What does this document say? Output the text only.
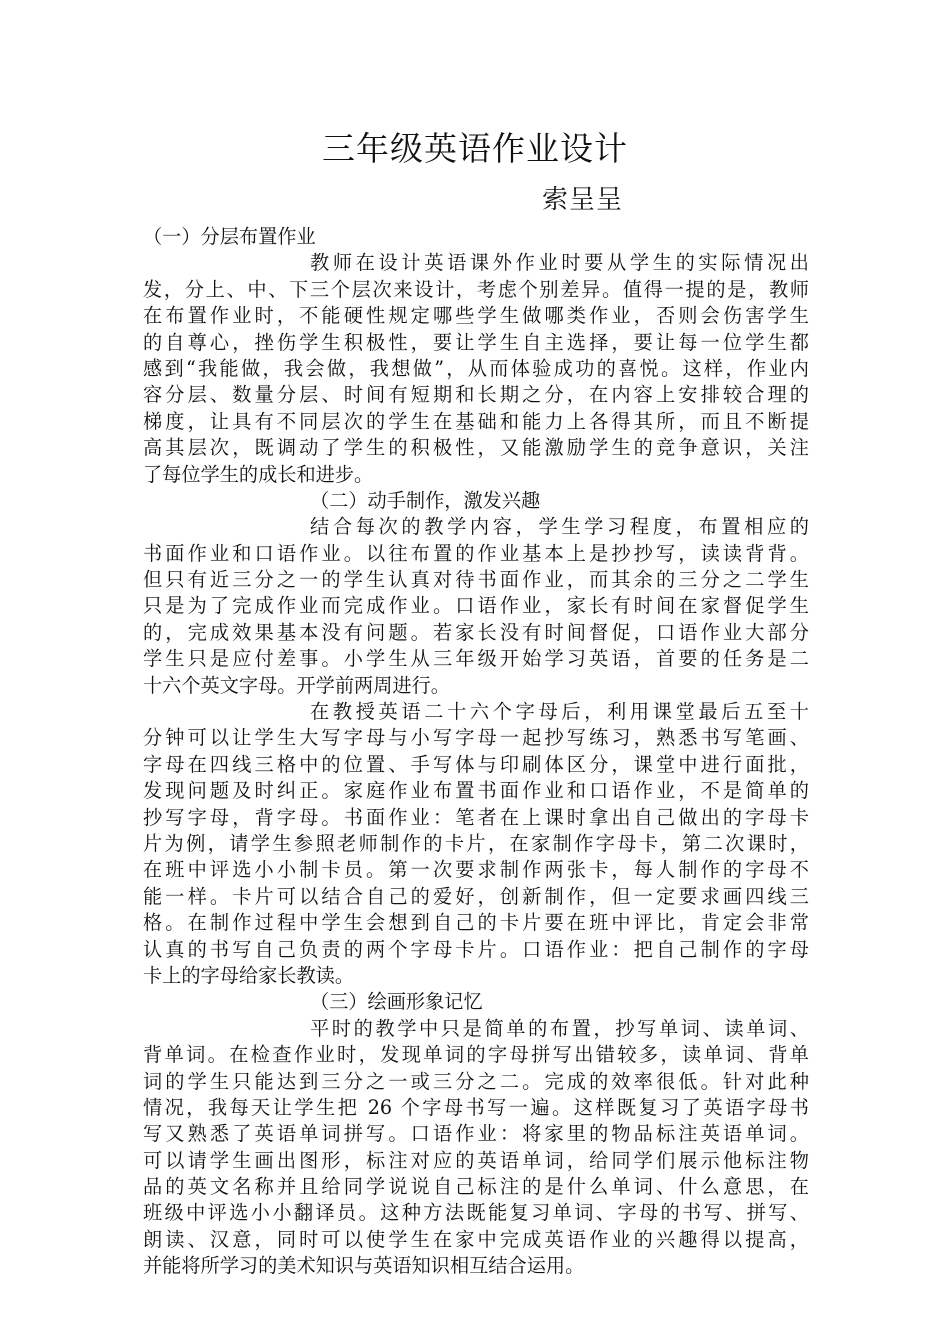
三年级英语作业设计
索呈呈
（一）分层布置作业
教师在设计英语课外作业时要从学生的实际情况出
发，分上、中、下三个层次来设计，考虑个别差异。值得一提的是，教师
在布置作业时，不能硬性规定哪些学生做哪类作业，否则会伤害学生
的自尊心，挫伤学生积极性，要让学生自主选择，要让每一位学生都
感到“我能做，我会做，我想做”，从而体验成功的喜悦。这样，作业内
容分层、数量分层、时间有短期和长期之分，在内容上安排较合理的
梯度，让具有不同层次的学生在基础和能力上各得其所，而且不断提
高其层次，既调动了学生的积极性，又能激励学生的竞争意识，关注
了每位学生的成长和进步。
（二）动手制作，激发兴趣
结合每次的教学内容，学生学习程度，布置相应的
书面作业和口语作业。以往布置的作业基本上是抄抄写，读读背背。
但只有近三分之一的学生认真对待书面作业，而其余的三分之二学生
只是为了完成作业而完成作业。口语作业，家长有时间在家督促学生
的，完成效果基本没有问题。若家长没有时间督促，口语作业大部分
学生只是应付差事。小学生从三年级开始学习英语，首要的任务是二
十六个英文字母。开学前两周进行。
在教授英语二十六个字母后，利用课堂最后五至十
分钟可以让学生大写字母与小写字母一起抄写练习，熟悉书写笔画、
字母在四线三格中的位置、手写体与印刷体区分，课堂中进行面批，
发现问题及时纠正。家庭作业布置书面作业和口语作业，不是简单的
抄写字母，背字母。书面作业：笔者在上课时拿出自己做出的字母卡
片为例，请学生参照老师制作的卡片，在家制作字母卡，第二次课时，
在班中评选小小制卡员。第一次要求制作两张卡，每人制作的字母不
能一样。卡片可以结合自己的爱好，创新制作，但一定要求画四线三
格。在制作过程中学生会想到自己的卡片要在班中评比，肯定会非常
认真的书写自己负责的两个字母卡片。口语作业：把自己制作的字母
卡上的字母给家长教读。
（三）绘画形象记忆
平时的教学中只是简单的布置，抄写单词、读单词、
背单词。在检查作业时，发现单词的字母拼写出错较多，读单词、背单
词的学生只能达到三分之一或三分之二。完成的效率很低。针对此种
情况，我每天让学生把 26 个字母书写一遍。这样既复习了英语字母书
写又熟悉了英语单词拼写。口语作业：将家里的物品标注英语单词。
可以请学生画出图形，标注对应的英语单词，给同学们展示他标注物
品的英文名称并且给同学说说自己标注的是什么单词、什么意思，在
班级中评选小小翻译员。这种方法既能复习单词、字母的书写、拼写、
朗读、汉意，同时可以使学生在家中完成英语作业的兴趣得以提高，
并能将所学习的美术知识与英语知识相互结合运用。
